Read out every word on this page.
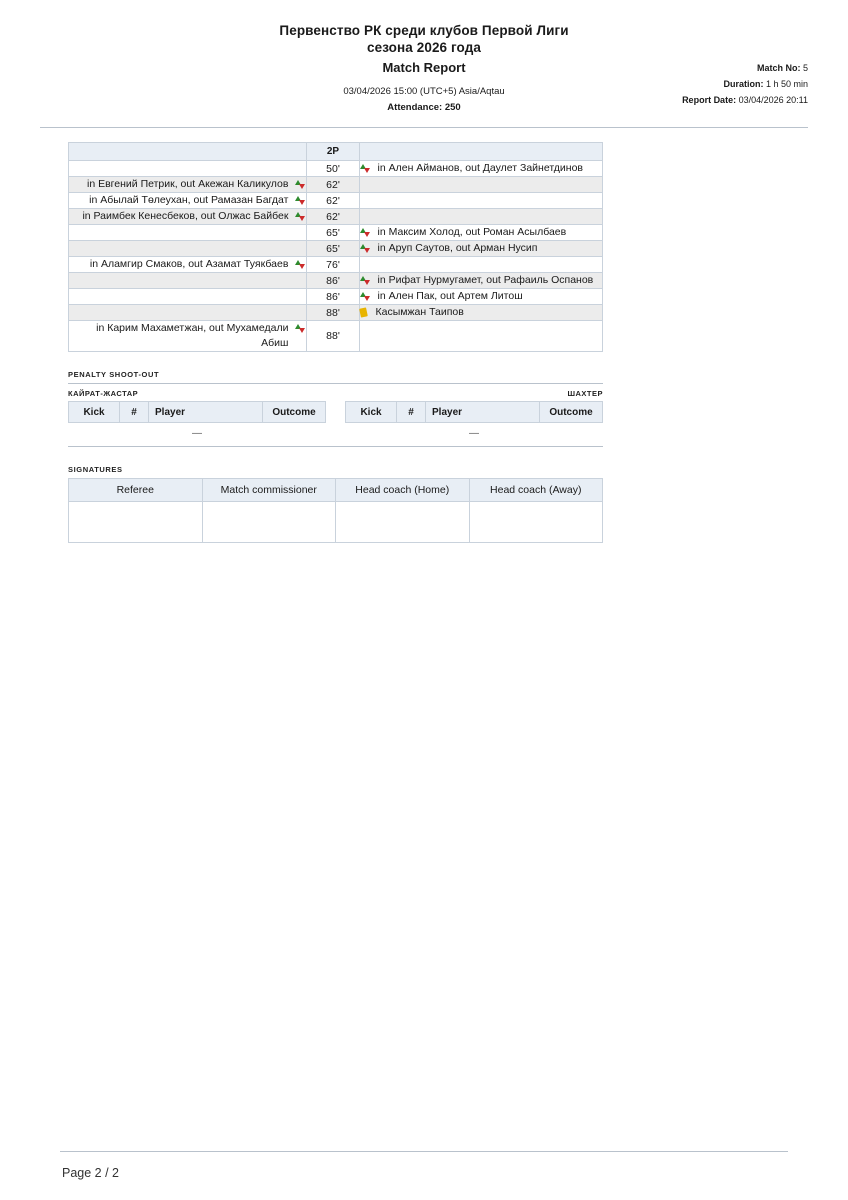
Первенство РК среди клубов Первой Лиги
сезона 2026 года
Match Report
03/04/2026 15:00 (UTC+5) Asia/Aqtau
Attendance: 250
Match No: 5
Duration: 1 h 50 min
Report Date: 03/04/2026 20:11
	2P	
	50'	in Ален Айманов, out Даулет Зайнетдинов

in Евгений Петрик, out Акежан Каликулов	62'	

in Абылай Төлеухан, out Рамазан Багдат	62'	

in Раимбек Кенесбеков, out Олжас Байбек	62'	
	65'	in Максим Холод, out Роман Асылбаев

	65'	in Аруп Саутов, out Арман Нусип

in Аламгир Смаков, out Азамат Туякбаев	76'	
	86'	in Рифат Нурмугамет, out Рафаиль Оспанов

	86'	in Ален Пак, out Артем Литош

	88'	Касымжан Таипов

in Карим Махаметжан, out Мухамедали Абиш	88'	
PENALTY SHOOT-OUT
КАЙРАТ-ЖАСТАР	ШАХТЕР
Kick	#	Player	Outcome	Kick	#	Player	Outcome
—	—
SIGNATURES
Referee	Match commissioner	Head coach (Home)	Head coach (Away)

Page 2 / 2
